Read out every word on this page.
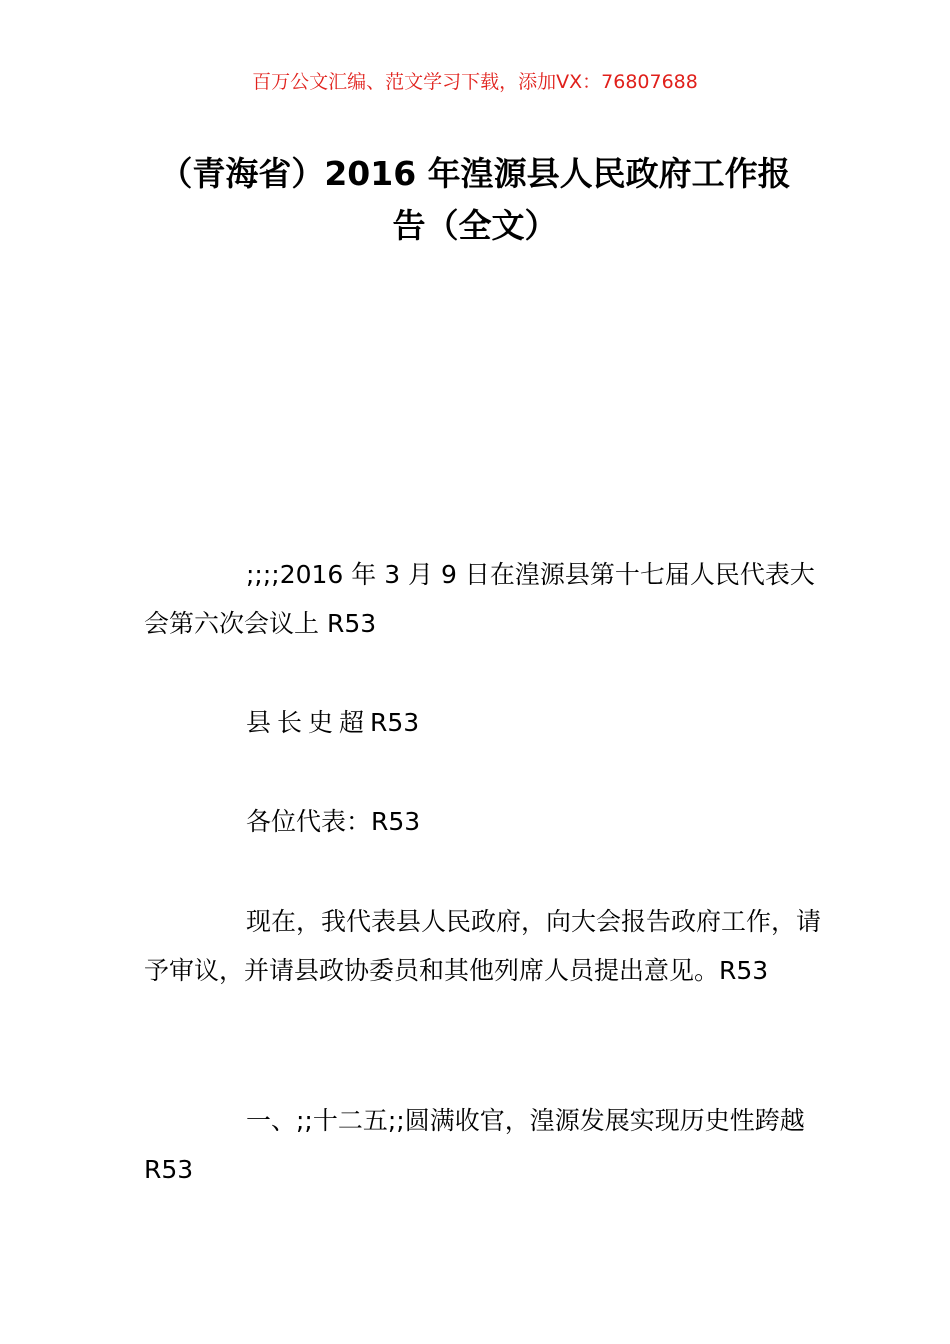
百万公文汇编、范文学习下载，添加VX：76807688
（青海省）2016 年湟源县人民政府工作报
告（全文）

;;;;2016 年 3 月 9 日在湟源县第十七届人民代表大会第六次会议上 R53

县长史超R53

各位代表：R53

现在，我代表县人民政府，向大会报告政府工作，请予审议，并请县政协委员和其他列席人员提出意见。R53

一、;;十二五;;圆满收官，湟源发展实现历史性跨越 R53
